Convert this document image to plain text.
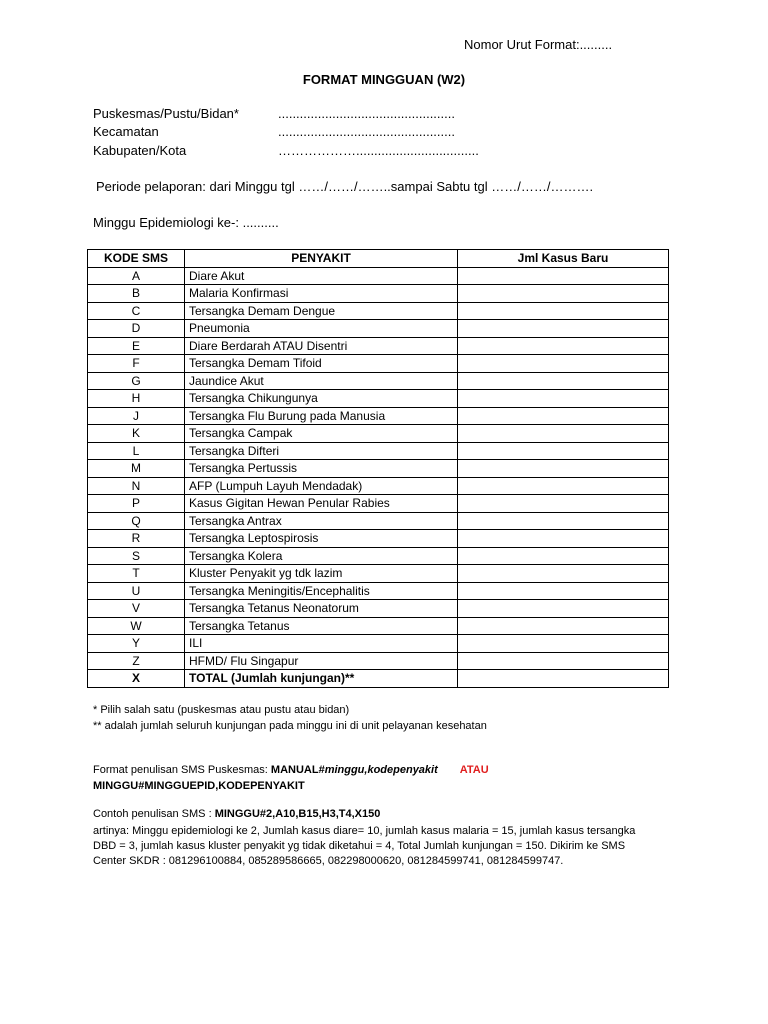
Nomor Urut Format:.........
FORMAT MINGGUAN (W2)
Puskesmas/Pustu/Bidan*	.................................................
Kecamatan	.................................................
Kabupaten/Kota	………………..................................
Periode pelaporan: dari Minggu tgl ……/……/……..sampai Sabtu tgl ……/……/……….
Minggu Epidemiologi ke-: ..........
KODE SMS	PENYAKIT	Jml Kasus Baru
A	Diare Akut	
B	Malaria Konfirmasi	
C	Tersangka Demam Dengue	
D	Pneumonia	
E	Diare Berdarah ATAU Disentri	
F	Tersangka Demam Tifoid	
G	Jaundice Akut	
H	Tersangka Chikungunya	
J	Tersangka Flu Burung pada Manusia	
K	Tersangka Campak	
L	Tersangka Difteri	
M	Tersangka Pertussis	
N	AFP (Lumpuh Layuh Mendadak)	
P	Kasus Gigitan Hewan Penular Rabies	
Q	Tersangka Antrax	
R	Tersangka Leptospirosis	
S	Tersangka Kolera	
T	Kluster Penyakit yg tdk lazim	
U	Tersangka Meningitis/Encephalitis	
V	Tersangka Tetanus Neonatorum	
W	Tersangka Tetanus	
Y	ILI	
Z	HFMD/ Flu Singapur	
X	TOTAL (Jumlah kunjungan)**	
* Pilih salah satu (puskesmas atau pustu atau bidan)
** adalah jumlah seluruh kunjungan pada minggu ini di unit pelayanan kesehatan
Format penulisan SMS Puskesmas: MANUAL#minggu,kodepenyakit ATAU
MINGGU#MINGGUEPID,KODEPENYAKIT
Contoh penulisan SMS : MINGGU#2,A10,B15,H3,T4,X150
artinya: Minggu epidemiologi ke 2, Jumlah kasus diare= 10, jumlah kasus malaria = 15, jumlah kasus tersangka
DBD = 3, jumlah kasus kluster penyakit yg tidak diketahui = 4, Total Jumlah kunjungan = 150. Dikirim ke SMS
Center SKDR : 081296100884, 085289586665, 082298000620, 081284599741, 081284599747.
